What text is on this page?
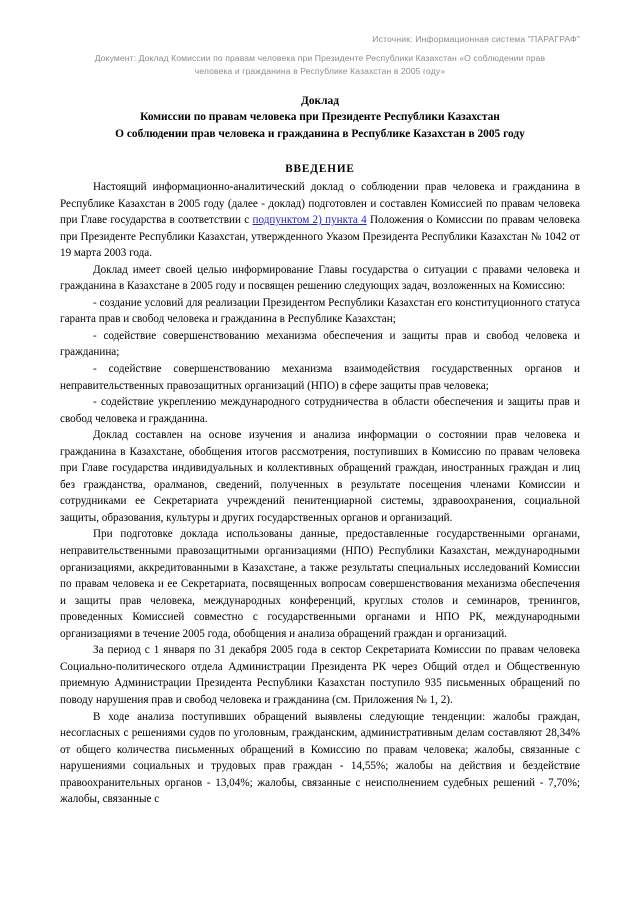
Источник: Информационная система "ПАРАГРАФ"
Документ: Доклад Комиссии по правам человека при Президенте Республики Казахстан «О соблюдении прав человека и гражданина в Республике Казахстан в 2005 году»
Доклад
Комиссии по правам человека при Президенте Республики Казахстан
О соблюдении прав человека и гражданина в Республике Казахстан в 2005 году
ВВЕДЕНИЕ

Настоящий информационно-аналитический доклад о соблюдении прав человека и гражданина в Республике Казахстан в 2005 году (далее - доклад) подготовлен и составлен Комиссией по правам человека при Главе государства в соответствии с подпунктом 2) пункта 4 Положения о Комиссии по правам человека при Президенте Республики Казахстан, утвержденного Указом Президента Республики Казахстан № 1042 от 19 марта 2003 года.

Доклад имеет своей целью информирование Главы государства о ситуации с правами человека и гражданина в Казахстане в 2005 году и посвящен решению следующих задач, возложенных на Комиссию:

- создание условий для реализации Президентом Республики Казахстан его конституционного статуса гаранта прав и свобод человека и гражданина в Республике Казахстан;

- содействие совершенствованию механизма обеспечения и защиты прав и свобод человека и гражданина;

- содействие совершенствованию механизма взаимодействия государственных органов и неправительственных правозащитных организаций (НПО) в сфере защиты прав человека;

- содействие укреплению международного сотрудничества в области обеспечения и защиты прав и свобод человека и гражданина.

Доклад составлен на основе изучения и анализа информации о состоянии прав человека и гражданина в Казахстане, обобщения итогов рассмотрения, поступивших в Комиссию по правам человека при Главе государства индивидуальных и коллективных обращений граждан, иностранных граждан и лиц без гражданства, оралманов, сведений, полученных в результате посещения членами Комиссии и сотрудниками ее Секретариата учреждений пенитенциарной системы, здравоохранения, социальной защиты, образования, культуры и других государственных органов и организаций.

При подготовке доклада использованы данные, предоставленные государственными органами, неправительственными правозащитными организациями (НПО) Республики Казахстан, международными организациями, аккредитованными в Казахстане, а также результаты специальных исследований Комиссии по правам человека и ее Секретариата, посвященных вопросам совершенствования механизма обеспечения и защиты прав человека, международных конференций, круглых столов и семинаров, тренингов, проведенных Комиссией совместно с государственными органами и НПО РК, международными организациями в течение 2005 года, обобщения и анализа обращений граждан и организаций.

За период с 1 января по 31 декабря 2005 года в сектор Секретариата Комиссии по правам человека Социально-политического отдела Администрации Президента РК через Общий отдел и Общественную приемную Администрации Президента Республики Казахстан поступило 935 письменных обращений по поводу нарушения прав и свобод человека и гражданина (см. Приложения № 1, 2).

В ходе анализа поступивших обращений выявлены следующие тенденции: жалобы граждан, несогласных с решениями судов по уголовным, гражданским, административным делам составляют 28,34% от общего количества письменных обращений в Комиссию по правам человека; жалобы, связанные с нарушениями социальных и трудовых прав граждан - 14,55%; жалобы на действия и бездействие правоохранительных органов - 13,04%; жалобы, связанные с неисполнением судебных решений - 7,70%; жалобы, связанные с
